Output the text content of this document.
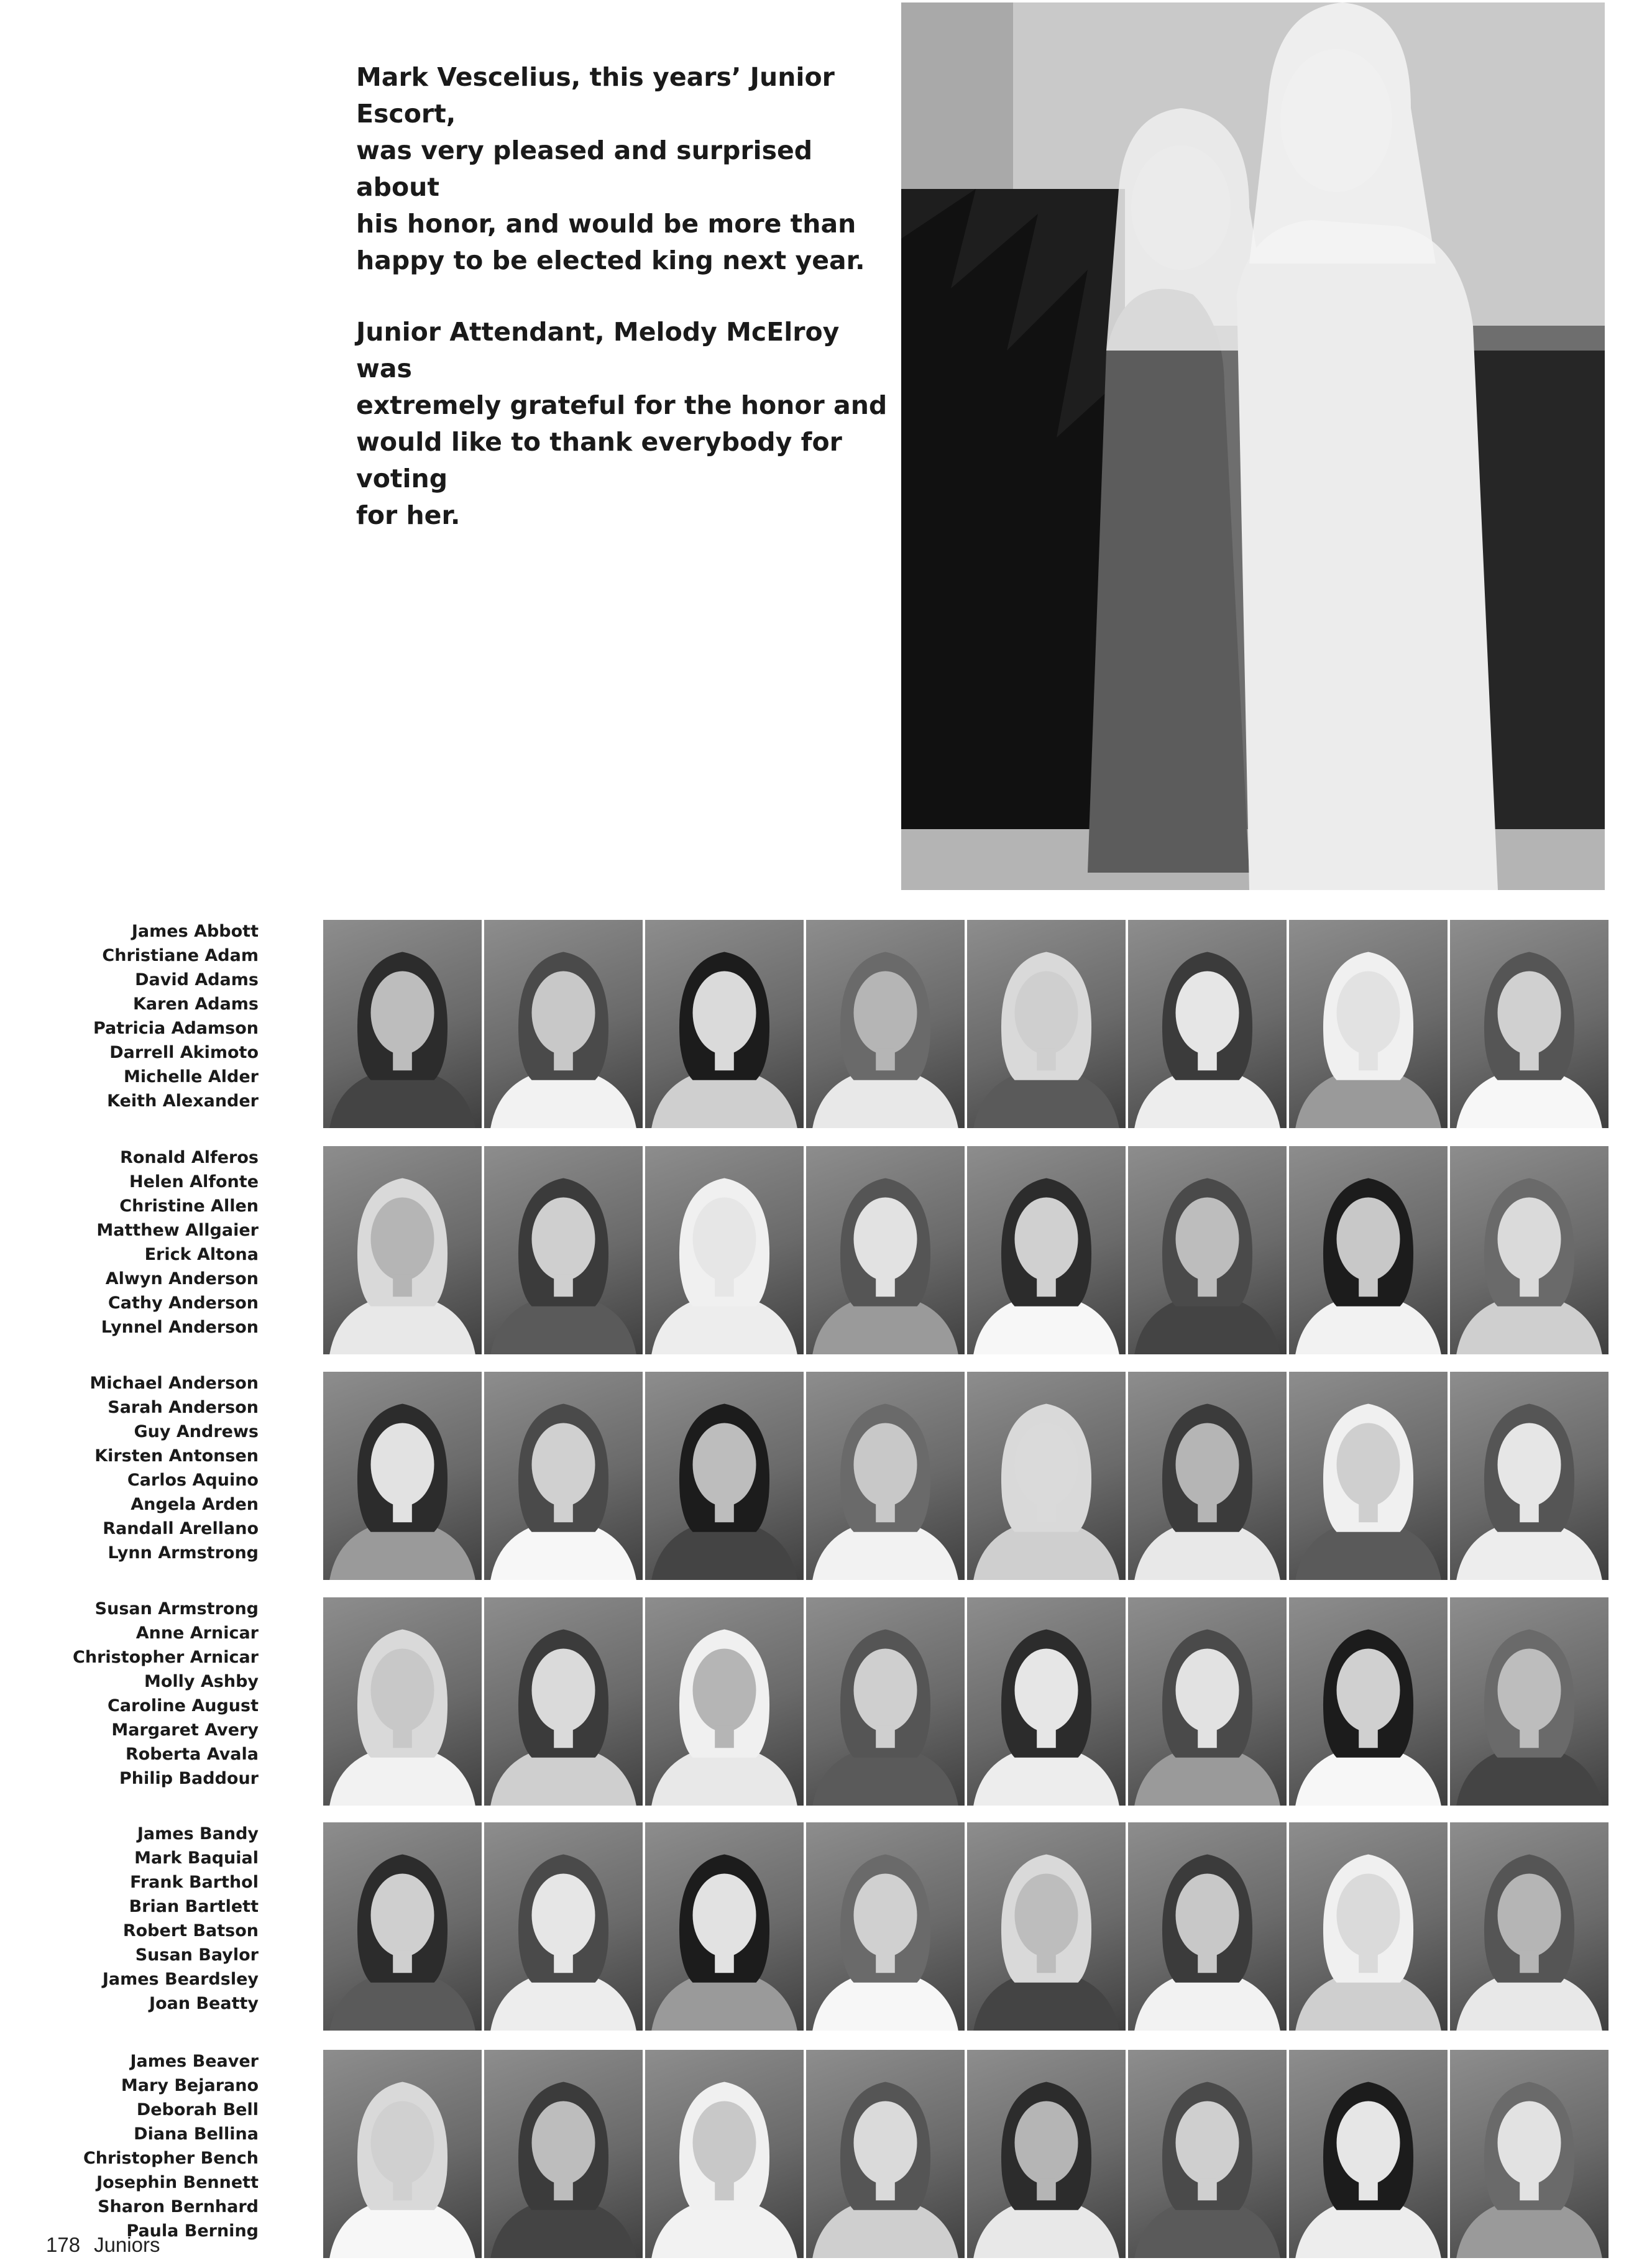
Mark Vescelius, this years’ Junior Escort,
was very pleased and surprised about
his honor, and would be more than
happy to be elected king next year.

Junior Attendant, Melody McElroy was
extremely grateful for the honor and
would like to thank everybody for voting
for her.

James Abbott
Christiane Adam
David Adams
Karen Adams
Patricia Adamson
Darrell Akimoto
Michelle Alder
Keith Alexander
Ronald Alferos
Helen Alfonte
Christine Allen
Matthew Allgaier
Erick Altona
Alwyn Anderson
Cathy Anderson
Lynnel Anderson
Michael Anderson
Sarah Anderson
Guy Andrews
Kirsten Antonsen
Carlos Aquino
Angela Arden
Randall Arellano
Lynn Armstrong
Susan Armstrong
Anne Arnicar
Christopher Arnicar
Molly Ashby
Caroline August
Margaret Avery
Roberta Avala
Philip Baddour
James Bandy
Mark Baquial
Frank Barthol
Brian Bartlett
Robert Batson
Susan Baylor
James Beardsley
Joan Beatty
James Beaver
Mary Bejarano
Deborah Bell
Diana Bellina
Christopher Bench
Josephin Bennett
Sharon Bernhard
Paula Berning
178 Juniors
